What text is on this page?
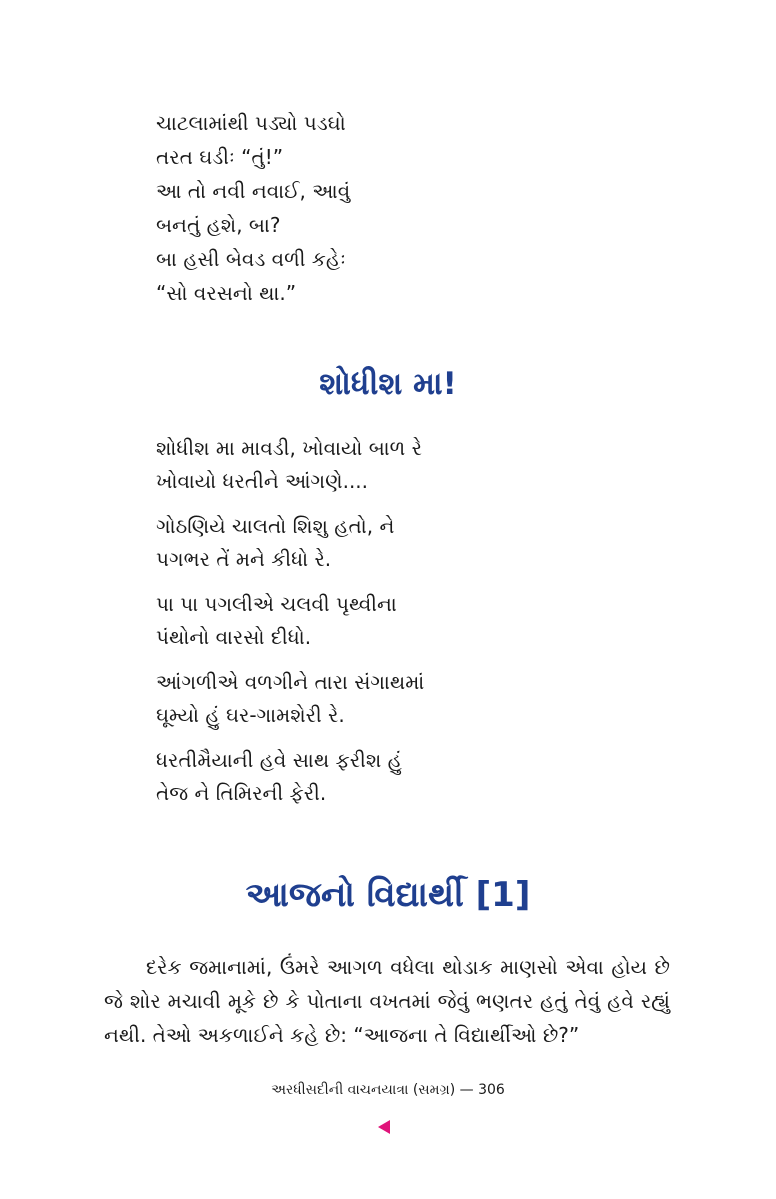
ચાટલામાંથી પડ્યો પડઘો
તરત ઘડીઃ “તું!”
આ તો નવી નવાઈ, આવું
બનતું હશે, બા?
બા હસી બેવડ વળી કહેઃ
“સો વરસનો થા.”
શોધીશ મા!
શોધીશ મા માવડી, ખોવાયો બાળ રે
ખોવાયો ધરતીને આંગણે....
ગોઠણિયે ચાલતો શિશુ હતો, ને
પગભર તેં મને કીધો રે.
પા પા પગલીએ ચલવી પૃથ્વીના
પંથોનો વારસો દીધો.
આંગળીએ વળગીને તારા સંગાથમાં
ઘૂમ્યો હું ઘર-ગામશેરી રે.
ધરતીમૈયાની હવે સાથ ફરીશ હું
તેજ ને તિમિરની ફેરી.
આજનો વિદ્યાર્થી [1]

દરેક જમાનામાં, ઉંમરે આગળ વધેલા થોડાક માણસો એવા હોય છે જે શોર મચાવી મૂકે છે કે પોતાના વખતમાં જેવું ભણતર હતું તેવું હવે રહ્યું નથી. તેઓ અકળાઈને કહે છે: “આજના તે વિદ્યાર્થીઓ છે?”

અરધીસદીની વાચનયાત્રા (સમગ્ર) — 306
